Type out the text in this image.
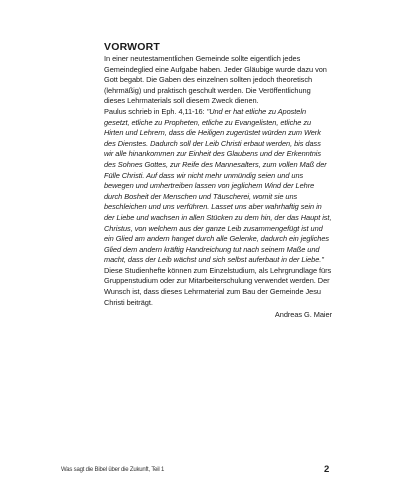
VORWORT

In einer neutestamentlichen Gemeinde sollte eigentlich jedes Gemeindeglied eine Aufgabe haben. Jeder Gläubige wurde dazu von Gott begabt. Die Gaben des einzelnen sollten jedoch theoretisch (lehrmäßig) und praktisch geschult werden. Die Veröffentlichung dieses Lehrmaterials soll diesem Zweck dienen.

Paulus schrieb in Eph. 4,11-16: "Und er hat etliche zu Aposteln gesetzt, etliche zu Propheten, etliche zu Evangelisten, etliche zu Hirten und Lehrern, dass die Heiligen zugerüstet würden zum Werk des Dienstes. Dadurch soll der Leib Christi erbaut werden, bis dass wir alle hinankommen zur Einheit des Glaubens und der Erkenntnis des Sohnes Gottes, zur Reife des Mannesalters, zum vollen Maß der Fülle Christi. Auf dass wir nicht mehr unmündig seien und uns bewegen und umhertreiben lassen von jeglichem Wind der Lehre durch Bosheit der Menschen und Täuscherei, womit sie uns beschleichen und uns verführen. Lasset uns aber wahrhaftig sein in der Liebe und wachsen in allen Stücken zu dem hin, der das Haupt ist, Christus, von welchem aus der ganze Leib zusammengefügt ist und ein Glied am andern hanget durch alle Gelenke, dadurch ein jegliches Glied dem andern kräftig Handreichung tut nach seinem Maße und macht, dass der Leib wächst und sich selbst auferbaut in der Liebe."

Diese Studienhefte können zum Einzelstudium, als Lehrgrundlage fürs Gruppenstudium oder zur Mitarbeiterschulung verwendet werden. Der Wunsch ist, dass dieses Lehrmaterial zum Bau der Gemeinde Jesu Christi beiträgt.

Andreas G. Maier

Was sagt die Bibel über die Zukunft, Teil 1	2
